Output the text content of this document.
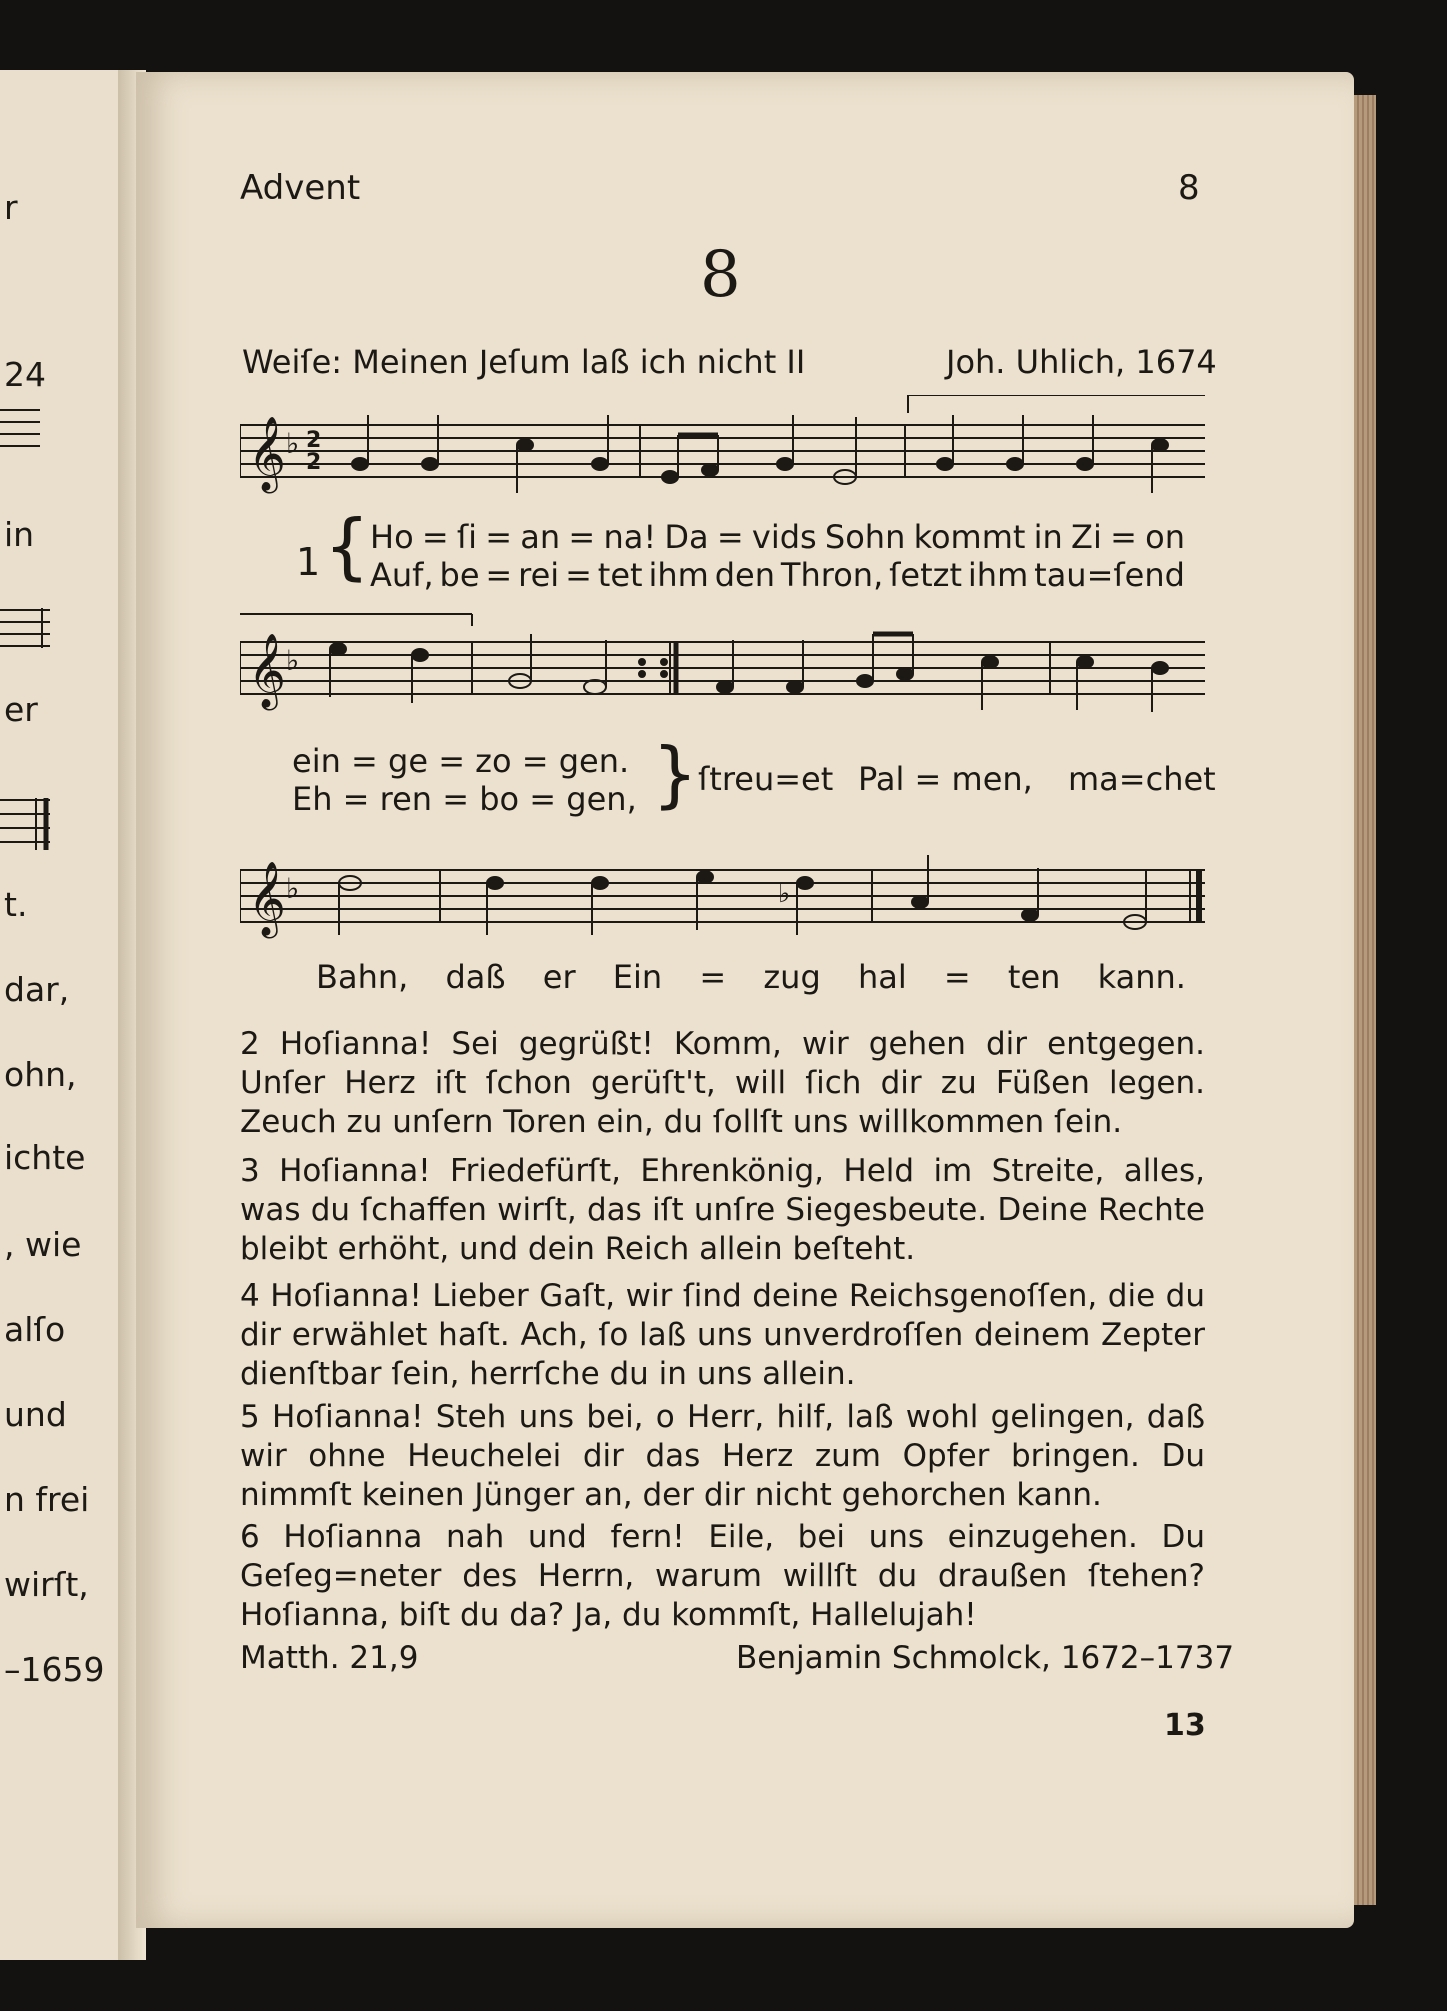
r
24
in
er
t.
dar,
ohn,
ichte
, wie
alſo
und
n frei
wirſt,
–1659
Advent	8
8
Weiſe: Meinen Jeſum laß ich nicht II	Joh. Uhlich, 1674
𝄞 ♭ 2
2
1 { Ho = ſi = an = na! Da = vids Sohn kommt in Zi = on
Auf, be = rei = tet ihm den Thron, ſetzt ihm tau=ſend
𝄞 ♭
ein = ge = zo = gen.
Eh = ren = bo = gen, { ſtreu=et Pal = men, ma=chet
𝄞 ♭	♭
Bahn, daß er Ein = zug hal = ten kann.
2 Hoſianna! Sei gegrüßt! Komm, wir gehen dir entgegen. Unſer Herz iſt ſchon gerüſt't, will ſich dir zu Füßen legen. Zeuch zu unſern Toren ein, du ſollſt uns willkommen ſein.
3 Hoſianna! Friedefürſt, Ehrenkönig, Held im Streite, alles, was du ſchaffen wirſt, das iſt unſre Siegesbeute. Deine Rechte bleibt erhöht, und dein Reich allein beſteht.
4 Hoſianna! Lieber Gaſt, wir ſind deine Reichsgenoſſen, die du dir erwählet haſt. Ach, ſo laß uns unverdroſſen deinem Zepter dienſtbar ſein, herrſche du in uns allein.
5 Hoſianna! Steh uns bei, o Herr, hilf, laß wohl gelingen, daß wir ohne Heuchelei dir das Herz zum Opfer bringen. Du nimmſt keinen Jünger an, der dir nicht gehorchen kann.
6 Hoſianna nah und fern! Eile, bei uns einzugehen. Du Geſeg=neter des Herrn, warum willſt du draußen ſtehen? Hoſianna, biſt du da? Ja, du kommſt, Hallelujah!
Matth. 21,9	Benjamin Schmolck, 1672–1737
13
